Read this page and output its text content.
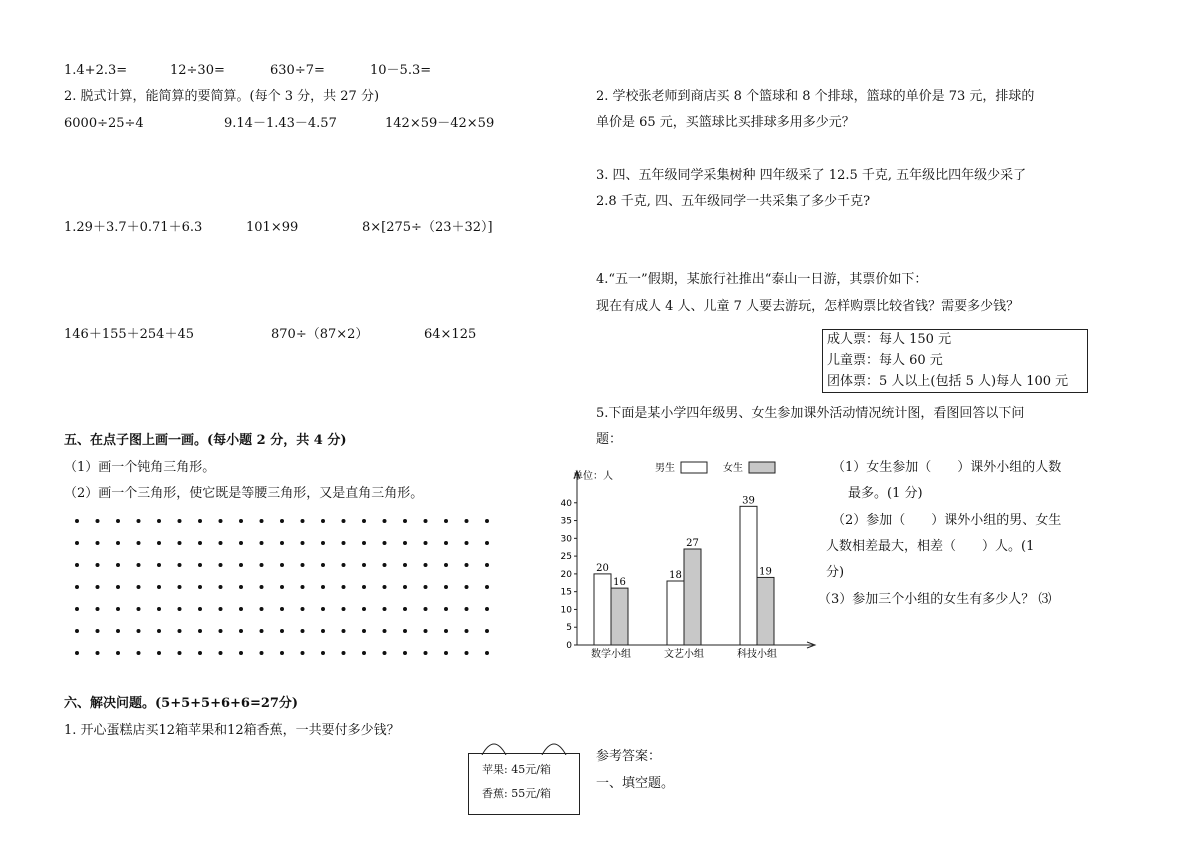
1.4+2.3=	12÷30=	630÷7=	10－5.3=
2. 脱式计算，能简算的要简算。(每个 3 分，共 27 分)
6000÷25÷4	9.14－1.43－4.57	142×59－42×59
1.29＋3.7＋0.71＋6.3	101×99	8×[275÷（23＋32）]
146＋155＋254＋45	870÷（87×2）	64×125
五、在点子图上画一画。(每小题 2 分，共 4 分)
（1）画一个钝角三角形。
（2）画一个三角形，使它既是等腰三角形，又是直角三角形。
六、解决问题。(5+5+5+6+6=27分)
1. 开心蛋糕店买12箱苹果和12箱香蕉，一共要付多少钱？
苹果: 45元/箱
香蕉: 55元/箱
2. 学校张老师到商店买 8 个篮球和 8 个排球，篮球的单价是 73 元，排球的
单价是 65 元，买篮球比买排球多用多少元？
3. 四、五年级同学采集树种 四年级采了 12.5 千克, 五年级比四年级少采了
2.8 千克, 四、五年级同学一共采集了多少千克?
4.“五一”假期，某旅行社推出“泰山一日游，其票价如下：
现在有成人 4 人、儿童 7 人要去游玩，怎样购票比较省钱？需要多少钱？
成人票：每人 150 元
儿童票：每人 60 元
团体票：5 人以上(包括 5 人)每人 100 元
5.下面是某小学四年级男、女生参加课外活动情况统计图，看图回答以下问
题：
单位：人
0
5
10
15
20
25
30
35
40
男生	女生
20
16
数学小组
18
27
文艺小组
39
19
科技小组
（1）女生参加（　　）课外小组的人数
最多。(1 分)
（2）参加（　　）课外小组的男、女生
人数相差最大，相差（　　）人。(1
分)
（3）参加三个小组的女生有多少人？ ⑶
参考答案：
一、填空题。
